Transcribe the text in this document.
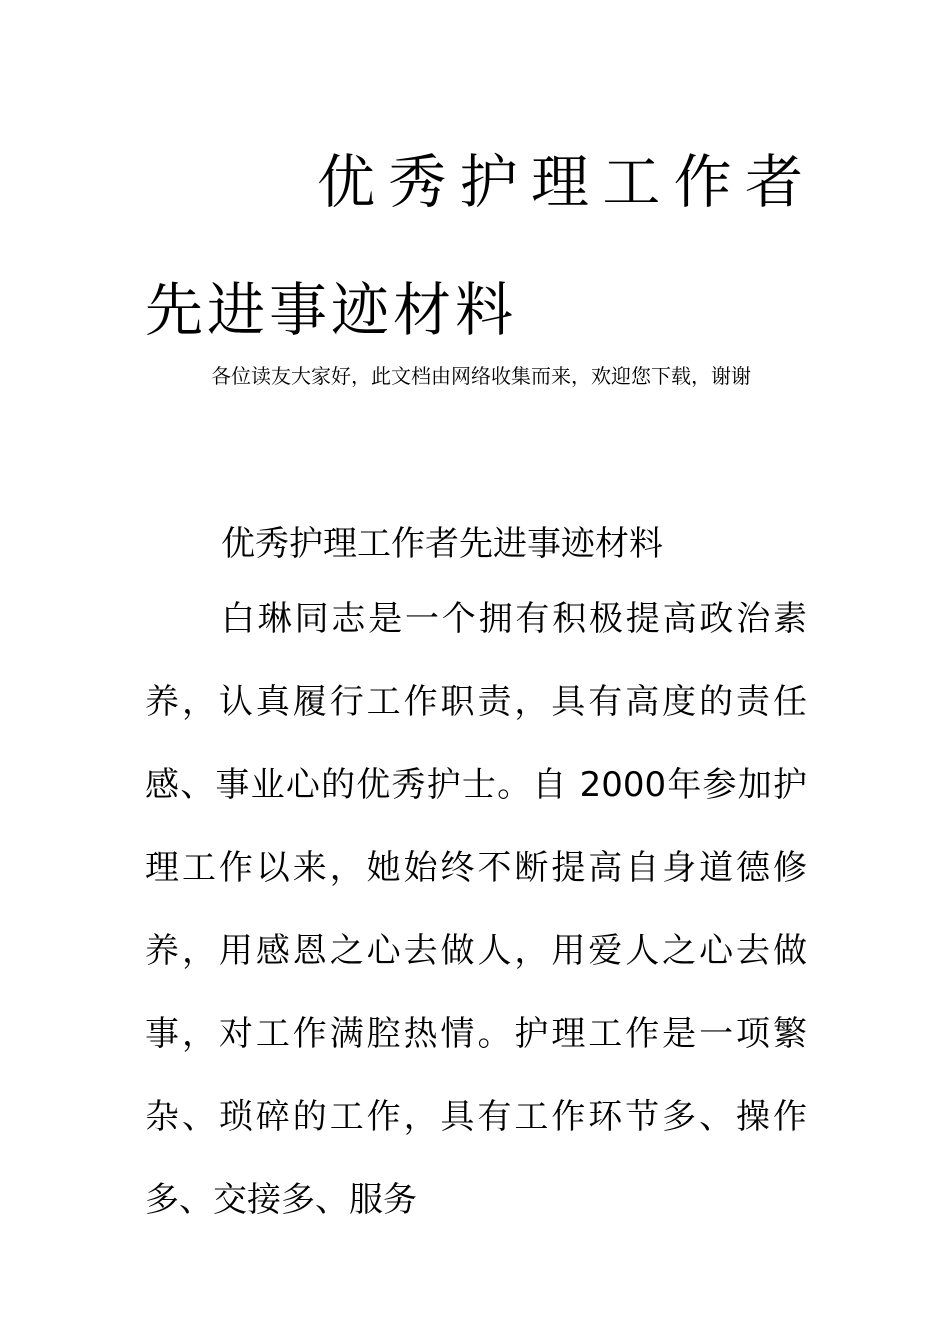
优秀护理工作者先进事迹材料

各位读友大家好，此文档由网络收集而来，欢迎您下载，谢谢

优秀护理工作者先进事迹材料

白琳同志是一个拥有积极提高政治素养，认真履行工作职责，具有高度的责任感、事业心的优秀护士。自 2000年参加护理工作以来，她始终不断提高自身道德修养，用感恩之心去做人，用爱人之心去做事，对工作满腔热情。护理工作是一项繁杂、琐碎的工作，具有工作环节多、操作多、交接多、服务
